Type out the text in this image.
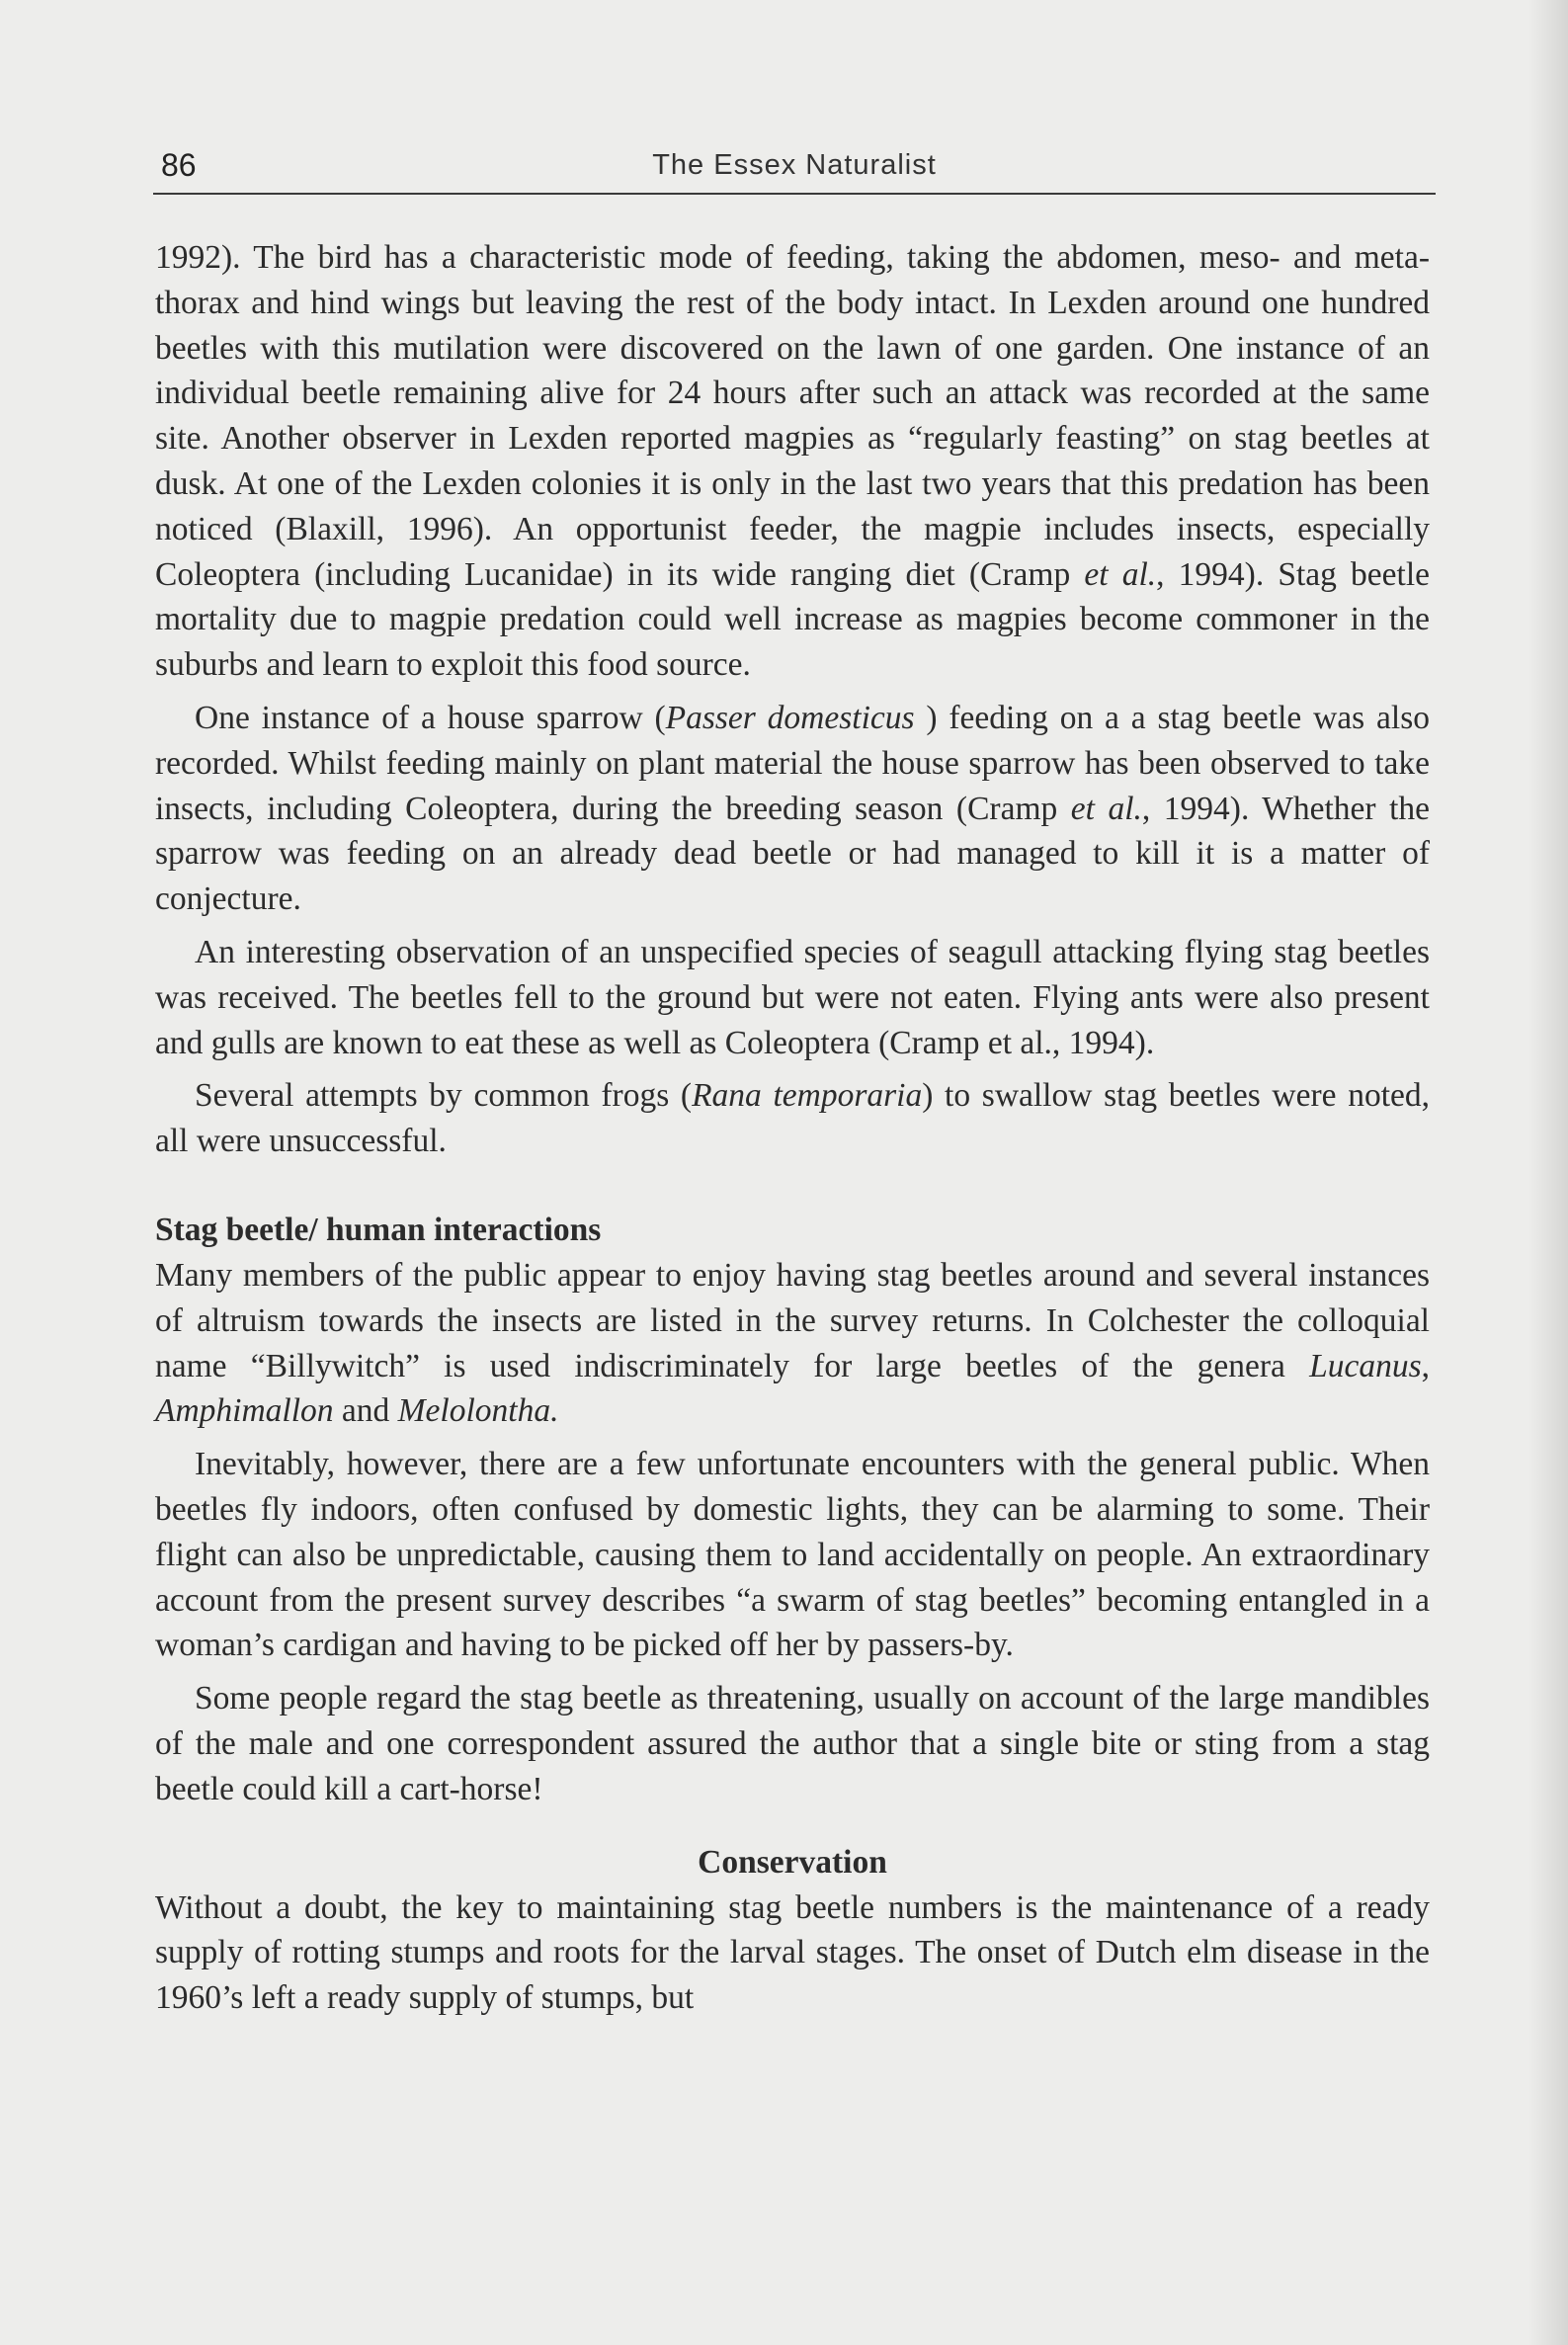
86	The Essex Naturalist

1992). The bird has a characteristic mode of feeding, taking the abdomen, meso- and meta-thorax and hind wings but leaving the rest of the body intact. In Lexden around one hundred beetles with this mutilation were discovered on the lawn of one garden. One instance of an individual beetle remaining alive for 24 hours after such an attack was recorded at the same site. Another observer in Lexden reported magpies as “regularly feasting” on stag beetles at dusk. At one of the Lexden colonies it is only in the last two years that this predation has been noticed (Blaxill, 1996). An opportunist feeder, the magpie includes insects, especially Coleoptera (including Lucanidae) in its wide ranging diet (Cramp et al., 1994). Stag beetle mortality due to magpie predation could well increase as magpies become commoner in the suburbs and learn to exploit this food source.

One instance of a house sparrow (Passer domesticus ) feeding on a a stag beetle was also recorded. Whilst feeding mainly on plant material the house sparrow has been observed to take insects, including Coleoptera, during the breeding season (Cramp et al., 1994). Whether the sparrow was feeding on an already dead beetle or had managed to kill it is a matter of conjecture.

An interesting observation of an unspecified species of seagull attacking flying stag beetles was received. The beetles fell to the ground but were not eaten. Flying ants were also present and gulls are known to eat these as well as Coleoptera (Cramp et al., 1994).

Several attempts by common frogs (Rana temporaria) to swallow stag beetles were noted, all were unsuccessful.

Stag beetle/ human interactions

Many members of the public appear to enjoy having stag beetles around and several instances of altruism towards the insects are listed in the survey returns. In Colchester the colloquial name “Billywitch” is used indiscriminately for large beetles of the genera Lucanus, Amphimallon and Melolontha.

Inevitably, however, there are a few unfortunate encounters with the general public. When beetles fly indoors, often confused by domestic lights, they can be alarming to some. Their flight can also be unpredictable, causing them to land accidentally on people. An extraordinary account from the present survey describes “a swarm of stag beetles” becoming entangled in a woman’s cardigan and having to be picked off her by passers-by.

Some people regard the stag beetle as threatening, usually on account of the large mandibles of the male and one correspondent assured the author that a single bite or sting from a stag beetle could kill a cart-horse!

Conservation

Without a doubt, the key to maintaining stag beetle numbers is the maintenance of a ready supply of rotting stumps and roots for the larval stages. The onset of Dutch elm disease in the 1960’s left a ready supply of stumps, but
